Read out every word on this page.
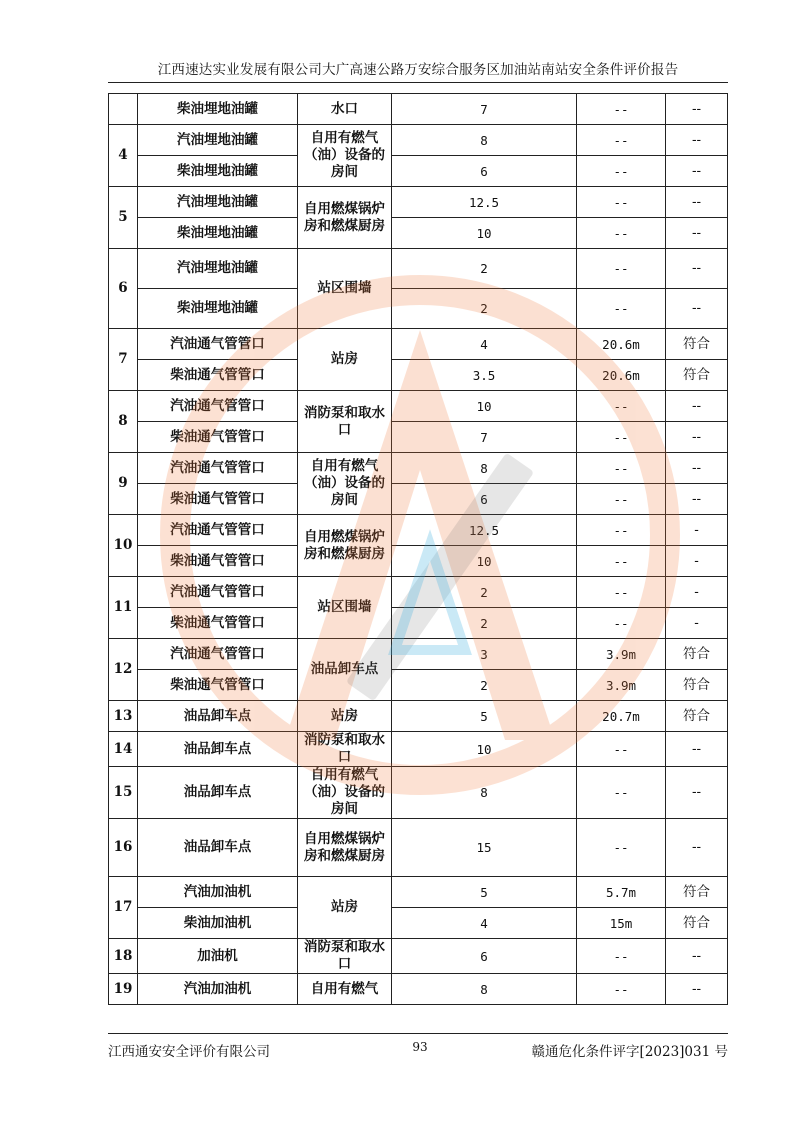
江西速达实业发展有限公司大广高速公路万安综合服务区加油站南站安全条件评价报告
	柴油埋地油罐	水口	7	--	--
4	汽油埋地油罐	自用有燃气（油）设备的房间	8	--	--
	柴油埋地油罐		6	--	--
5	汽油埋地油罐	自用燃煤锅炉房和燃煤厨房	12.5	--	--
	柴油埋地油罐		10	--	--
6	汽油埋地油罐	站区围墙	2	--	--
	柴油埋地油罐		2	--	--
7	汽油通气管管口	站房	4	20.6m	符合
	柴油通气管管口		3.5	20.6m	符合
8	汽油通气管管口	消防泵和取水口	10	--	--
	柴油通气管管口		7	--	--
9	汽油通气管管口	自用有燃气（油）设备的房间	8	--	--
	柴油通气管管口		6	--	--
10	汽油通气管管口	自用燃煤锅炉房和燃煤厨房	12.5	--	-
	柴油通气管管口		10	--	-
11	汽油通气管管口	站区围墙	2	--	-
	柴油通气管管口		2	--	-
12	汽油通气管管口	油品卸车点	3	3.9m	符合
	柴油通气管管口		2	3.9m	符合
13	油品卸车点	站房	5	20.7m	符合
14	油品卸车点	消防泵和取水口	10	--	--
15	油品卸车点	自用有燃气（油）设备的房间	8	--	--
16	油品卸车点	自用燃煤锅炉房和燃煤厨房	15	--	--
17	汽油加油机	站房	5	5.7m	符合
	柴油加油机		4	15m	符合
18	加油机	消防泵和取水口	6	--	--
19	汽油加油机	自用有燃气	8	--	--
江西通安安全评价有限公司	93	赣通危化条件评字[2023]031 号
